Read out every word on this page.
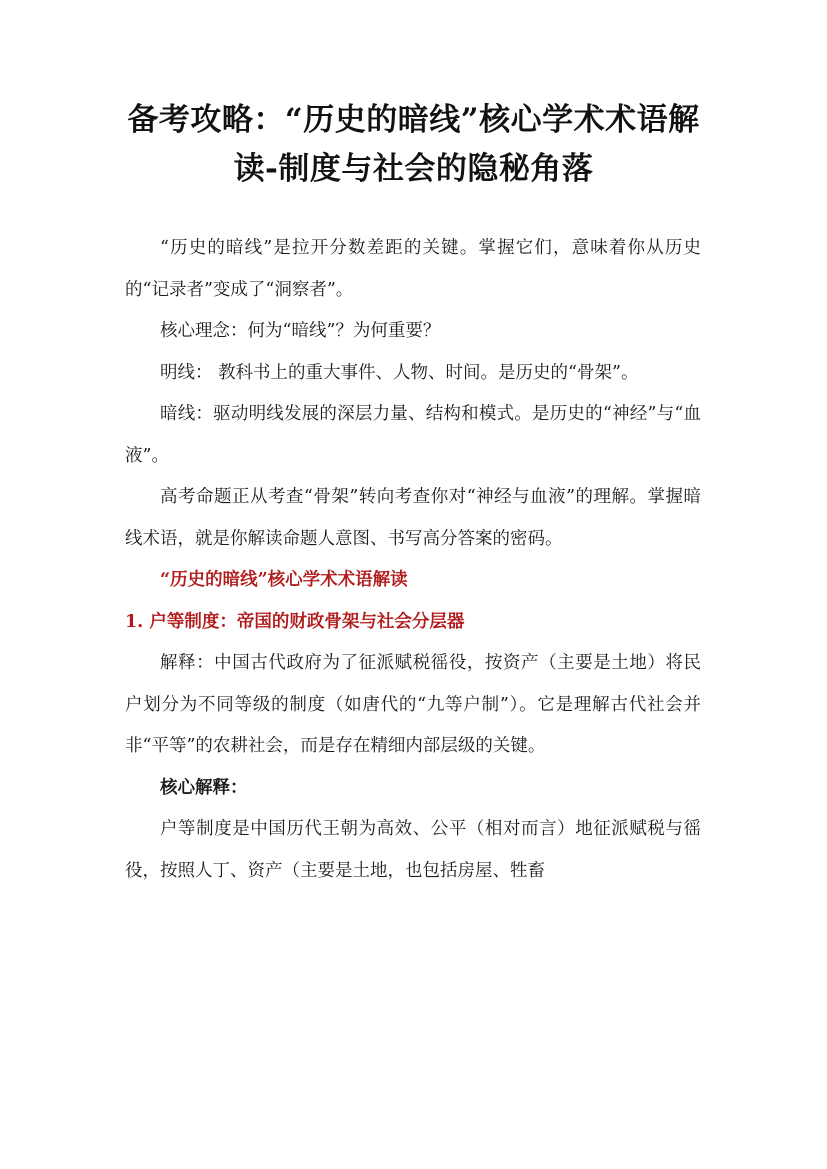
备考攻略：“历史的暗线”核心学术术语解
读-制度与社会的隐秘角落

“历史的暗线”是拉开分数差距的关键。掌握它们，意味着你从历史的“记录者”变成了“洞察者”。

核心理念：何为“暗线”？为何重要？

明线： 教科书上的重大事件、人物、时间。是历史的“骨架”。

暗线：驱动明线发展的深层力量、结构和模式。是历史的“神经”与“血液”。

高考命题正从考查“骨架”转向考查你对“神经与血液”的理解。掌握暗线术语，就是你解读命题人意图、书写高分答案的密码。

“历史的暗线”核心学术术语解读

1. 户等制度：帝国的财政骨架与社会分层器

解释：中国古代政府为了征派赋税徭役，按资产（主要是土地）将民户划分为不同等级的制度（如唐代的“九等户制”）。它是理解古代社会并非“平等”的农耕社会，而是存在精细内部层级的关键。

核心解释：

户等制度是中国历代王朝为高效、公平（相对而言）地征派赋税与徭役，按照人丁、资产（主要是土地，也包括房屋、牲畜
